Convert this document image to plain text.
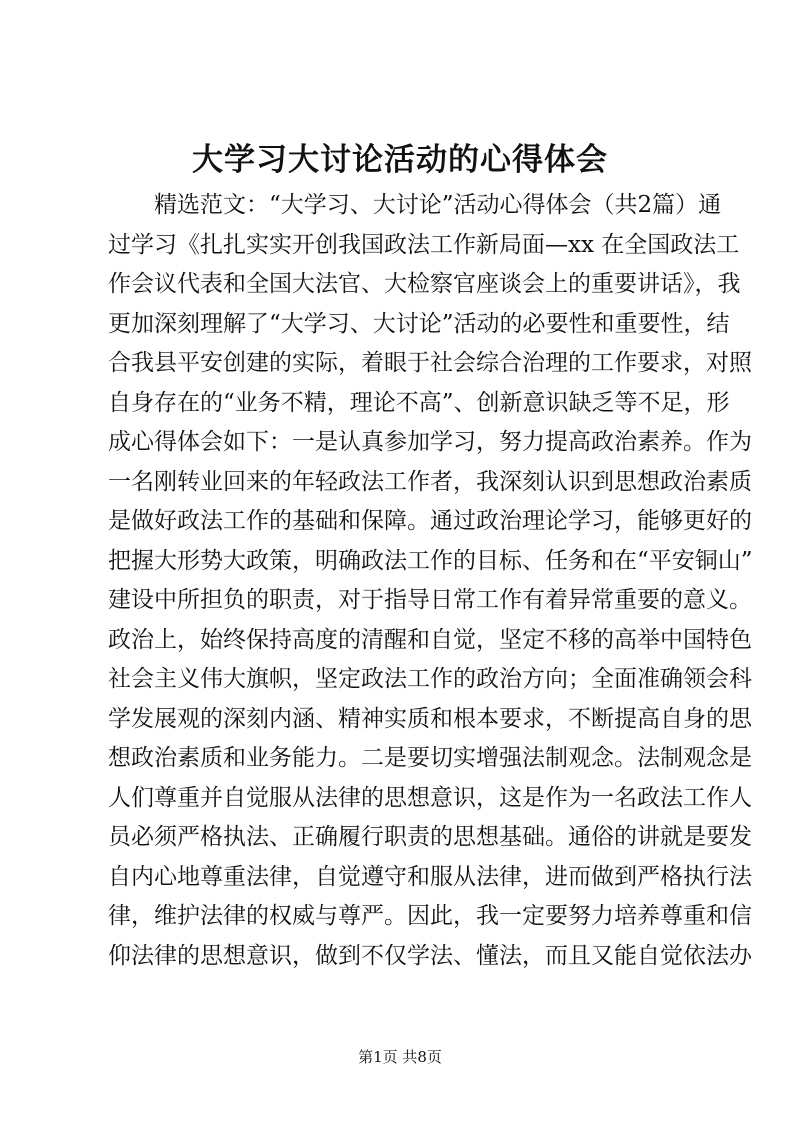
大学习大讨论活动的心得体会
精选范文：“大学习、大讨论”活动心得体会（共2篇）通
过学习《扎扎实实开创我国政法工作新局面—xx 在全国政法工
作会议代表和全国大法官、大检察官座谈会上的重要讲话》，我
更加深刻理解了“大学习、大讨论”活动的必要性和重要性，结
合我县平安创建的实际，着眼于社会综合治理的工作要求，对照
自身存在的“业务不精，理论不高”、创新意识缺乏等不足，形
成心得体会如下：一是认真参加学习，努力提高政治素养。作为
一名刚转业回来的年轻政法工作者，我深刻认识到思想政治素质
是做好政法工作的基础和保障。通过政治理论学习，能够更好的
把握大形势大政策，明确政法工作的目标、任务和在“平安铜山”
建设中所担负的职责，对于指导日常工作有着异常重要的意义。
政治上，始终保持高度的清醒和自觉，坚定不移的高举中国特色
社会主义伟大旗帜，坚定政法工作的政治方向；全面准确领会科
学发展观的深刻内涵、精神实质和根本要求，不断提高自身的思
想政治素质和业务能力。二是要切实增强法制观念。法制观念是
人们尊重并自觉服从法律的思想意识，这是作为一名政法工作人
员必须严格执法、正确履行职责的思想基础。通俗的讲就是要发
自内心地尊重法律，自觉遵守和服从法律，进而做到严格执行法
律，维护法律的权威与尊严。因此，我一定要努力培养尊重和信
仰法律的思想意识，做到不仅学法、懂法，而且又能自觉依法办
第1页 共8页
